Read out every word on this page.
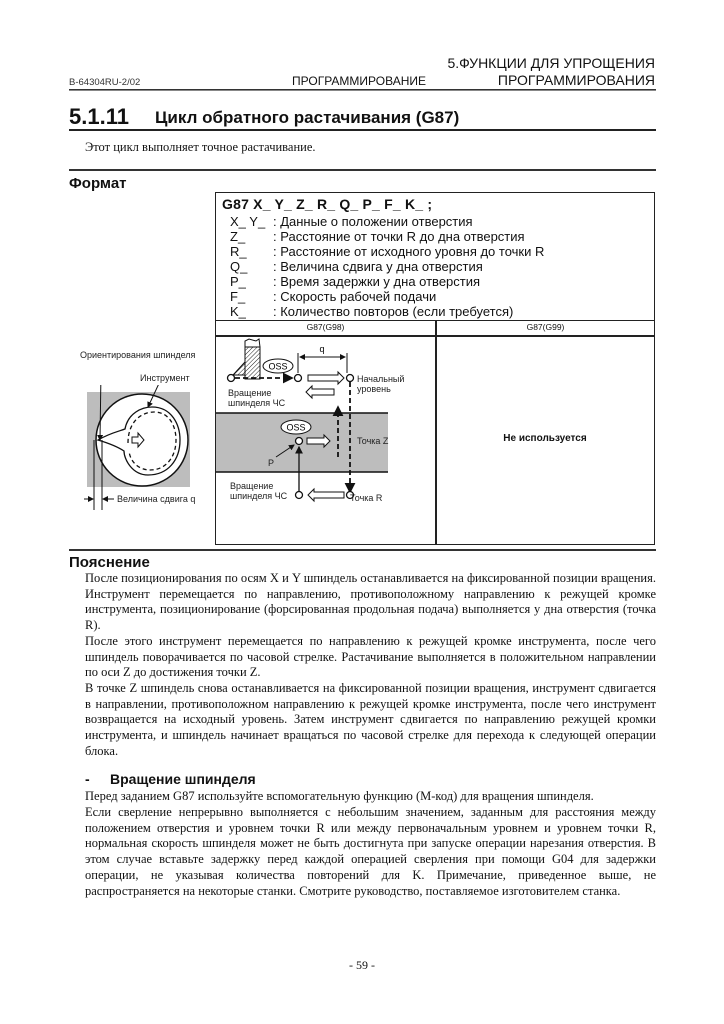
B-64304RU-2/02	ПРОГРАММИРОВАНИЕ
5.ФУНКЦИИ ДЛЯ УПРОЩЕНИЯ
ПРОГРАММИРОВАНИЯ
5.1.11 Цикл обратного растачивания (G87)
Этот цикл выполняет точное растачивание.
Формат
G87 X_ Y_ Z_ R_ Q_ P_ F_ K_ ;
X_ Y_ : Данные о положении отверстия
Z_ : Расстояние от точки R до дна отверстия
R_ : Расстояние от исходного уровня до точки R
Q_ : Величина сдвига у дна отверстия
P_ : Время задержки у дна отверстия
F_ : Скорость рабочей подачи
K_ : Количество повторов (если требуется)
G87(G98)	G87(G99)
Не используется
q
OSS
OSS
Вращение
шпинделя ЧС
Начальный
уровень
Точка Z
P
Вращение
шпинделя ЧС	Точка R
Ориентирования шпинделя
Инструмент
Величина сдвига q
Пояснение
После позиционирования по осям X и Y шпиндель останавливается на фиксированной позиции вращения. Инструмент перемещается по направлению, противоположному направлению к режущей кромке инструмента, позиционирование (форсированная продольная подача) выполняется у дна отверстия (точка R).
После этого инструмент перемещается по направлению к режущей кромке инструмента, после чего шпиндель поворачивается по часовой стрелке. Растачивание выполняется в положительном направлении по оси Z до достижения точки Z.
В точке Z шпиндель снова останавливается на фиксированной позиции вращения, инструмент сдвигается в направлении, противоположном направлению к режущей кромке инструмента, после чего инструмент возвращается на исходный уровень. Затем инструмент сдвигается по направлению режущей кромки инструмента, и шпиндель начинает вращаться по часовой стрелке для перехода к следующей операции блока.
- Вращение шпинделя
Перед заданием G87 используйте вспомогательную функцию (M-код) для вращения шпинделя.
Если сверление непрерывно выполняется с небольшим значением, заданным для расстояния между положением отверстия и уровнем точки R или между первоначальным уровнем и уровнем точки R, нормальная скорость шпинделя может не быть достигнута при запуске операции нарезания отверстия. В этом случае вставьте задержку перед каждой операцией сверления при помощи G04 для задержки операции, не указывая количества повторений для K. Примечание, приведенное выше, не распространяется на некоторые станки. Смотрите руководство, поставляемое изготовителем станка.
- 59 -
